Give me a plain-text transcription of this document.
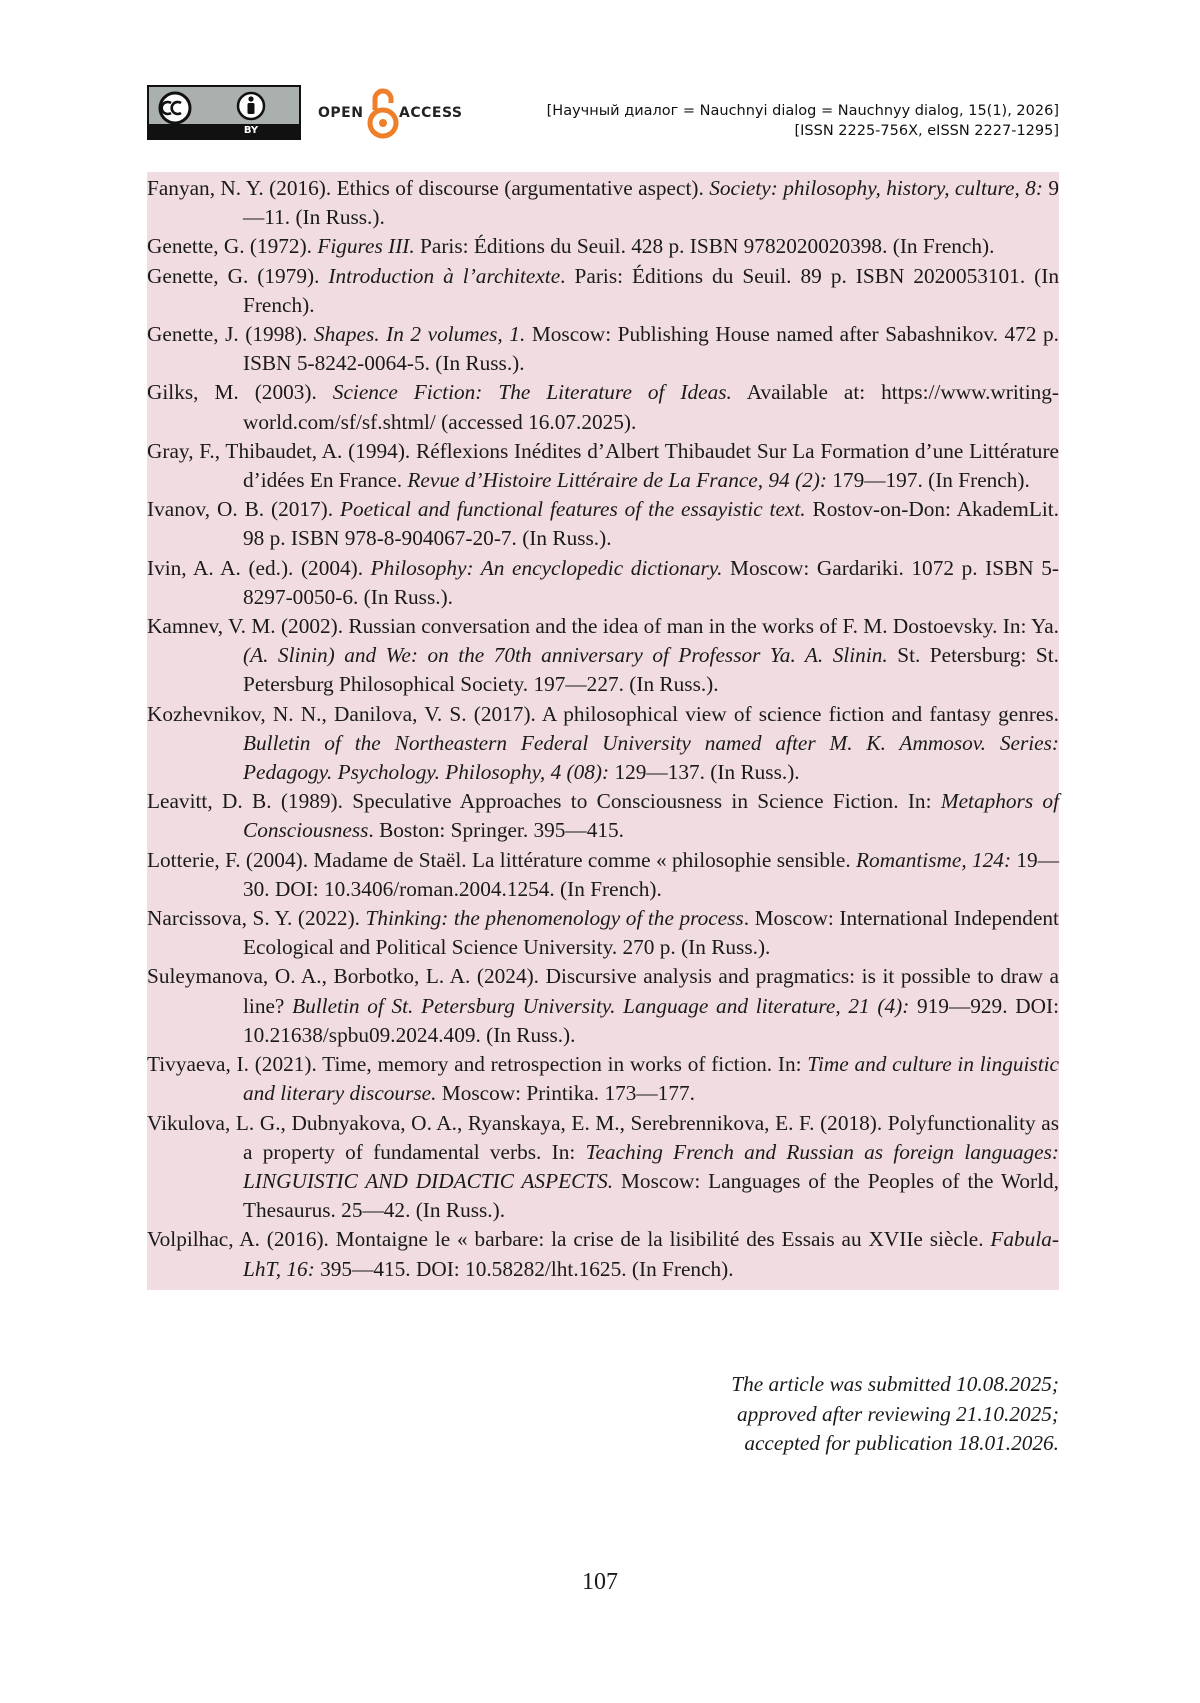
BY
OPEN	ACCESS	[Научный диалог = Nauchnyi dialog = Nauchnyy dialog, 15(1), 2026]
[ISSN 2225-756X, eISSN 2227-1295]

Fanyan, N. Y. (2016). Ethics of discourse (argumentative aspect). Society: philosophy, history, culture, 8: 9—11. (In Russ.).

Genette, G. (1972). Figures III. Paris: Éditions du Seuil. 428 p. ISBN 9782020020398. (In French).

Genette, G. (1979). Introduction à l’architexte. Paris: Éditions du Seuil. 89 p. ISBN 2020053101. (In French).

Genette, J. (1998). Shapes. In 2 volumes, 1. Moscow: Publishing House named after Sabashnikov. 472 p. ISBN 5-8242-0064-5. (In Russ.).

Gilks, M. (2003). Science Fiction: The Literature of Ideas. Available at: https://www.writing-world.com/sf/sf.shtml/ (accessed 16.07.2025).

Gray, F., Thibaudet, A. (1994). Réflexions Inédites d’Albert Thibaudet Sur La Formation d’une Littérature d’idées En France. Revue d’Histoire Littéraire de La France, 94 (2): 179—197. (In French).

Ivanov, O. B. (2017). Poetical and functional features of the essayistic text. Rostov-on-Don: AkademLit. 98 p. ISBN 978-8-904067-20-7. (In Russ.).

Ivin, A. A. (ed.). (2004). Philosophy: An encyclopedic dictionary. Moscow: Gardariki. 1072 p. ISBN 5-8297-0050-6. (In Russ.).

Kamnev, V. M. (2002). Russian conversation and the idea of man in the works of F. M. Dostoevsky. In: Ya. (A. Slinin) and We: on the 70th anniversary of Professor Ya. A. Slinin. St. Petersburg: St. Petersburg Philosophical Society. 197—227. (In Russ.).

Kozhevnikov, N. N., Danilova, V. S. (2017). A philosophical view of science fiction and fantasy genres. Bulletin of the Northeastern Federal University named after M. K. Ammosov. Series: Pedagogy. Psychology. Philosophy, 4 (08): 129—137. (In Russ.).

Leavitt, D. B. (1989). Speculative Approaches to Consciousness in Science Fiction. In: Metaphors of Consciousness. Boston: Springer. 395—415.

Lotterie, F. (2004). Madame de Staël. La littérature comme « philosophie sensible. Romantisme, 124: 19—30. DOI: 10.3406/roman.2004.1254. (In French).

Narcissova, S. Y. (2022). Thinking: the phenomenology of the process. Moscow: International Independent Ecological and Political Science University. 270 p. (In Russ.).

Suleymanova, O. A., Borbotko, L. A. (2024). Discursive analysis and pragmatics: is it possible to draw a line? Bulletin of St. Petersburg University. Language and literature, 21 (4): 919—929. DOI: 10.21638/spbu09.2024.409. (In Russ.).

Tivyaeva, I. (2021). Time, memory and retrospection in works of fiction. In: Time and culture in linguistic and literary discourse. Moscow: Printika. 173—177.

Vikulova, L. G., Dubnyakova, O. A., Ryanskaya, E. M., Serebrennikova, E. F. (2018). Polyfunctionality as a property of fundamental verbs. In: Teaching French and Russian as foreign languages: LINGUISTIC AND DIDACTIC ASPECTS. Moscow: Languages of the Peoples of the World, Thesaurus. 25—42. (In Russ.).

Volpilhac, A. (2016). Montaigne le « barbare: la crise de la lisibilité des Essais au XVIIe siècle. Fabula-LhT, 16: 395—415. DOI: 10.58282/lht.1625. (In French).

The article was submitted 10.08.2025;
approved after reviewing 21.10.2025;
accepted for publication 18.01.2026.
107
